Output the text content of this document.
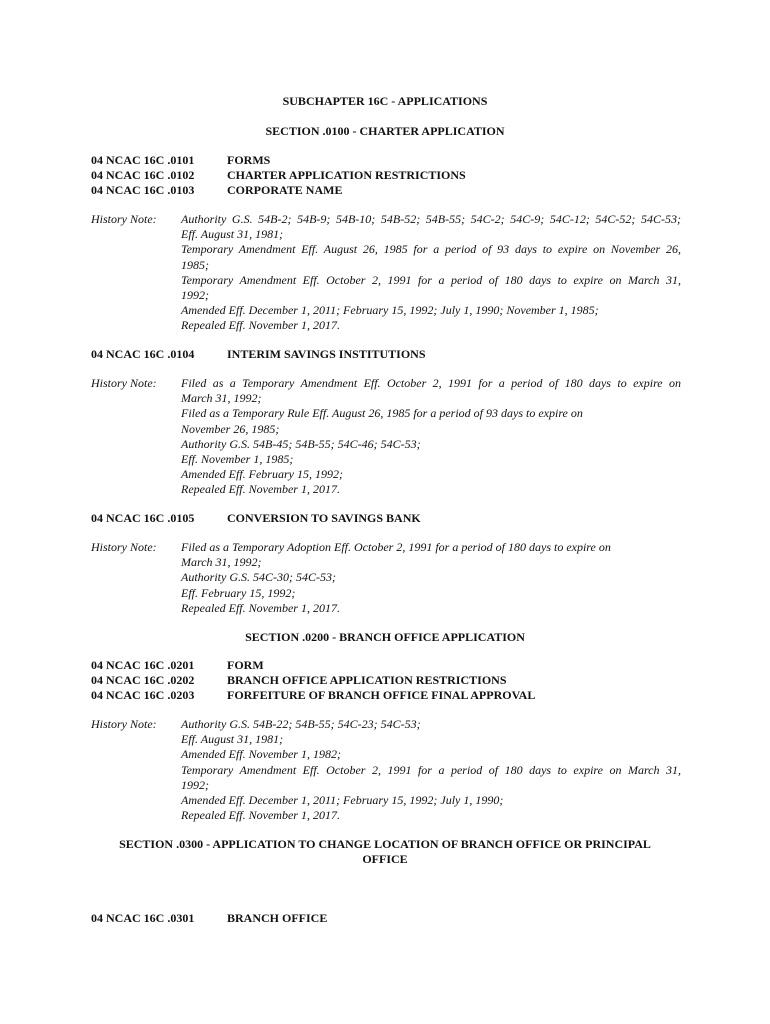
SUBCHAPTER 16C - APPLICATIONS
SECTION .0100 - CHARTER APPLICATION
04 NCAC 16C .0101	FORMS
04 NCAC 16C .0102	CHARTER APPLICATION RESTRICTIONS
04 NCAC 16C .0103	CORPORATE NAME
History Note:	Authority G.S. 54B-2; 54B-9; 54B-10; 54B-52; 54B-55; 54C-2; 54C-9; 54C-12; 54C-52; 54C-53;
Eff. August 31, 1981;
Temporary Amendment Eff. August 26, 1985 for a period of 93 days to expire on November 26,
1985;
Temporary Amendment Eff. October 2, 1991 for a period of 180 days to expire on March 31,
1992;
Amended Eff. December 1, 2011; February 15, 1992; July 1, 1990; November 1, 1985;
Repealed Eff. November 1, 2017.
04 NCAC 16C .0104	INTERIM SAVINGS INSTITUTIONS
History Note:	Filed as a Temporary Amendment Eff. October 2, 1991 for a period of 180 days to expire on
March 31, 1992;
Filed as a Temporary Rule Eff. August 26, 1985 for a period of 93 days to expire on
November 26, 1985;
Authority G.S. 54B-45; 54B-55; 54C-46; 54C-53;
Eff. November 1, 1985;
Amended Eff. February 15, 1992;
Repealed Eff. November 1, 2017.
04 NCAC 16C .0105	CONVERSION TO SAVINGS BANK
History Note:	Filed as a Temporary Adoption Eff. October 2, 1991 for a period of 180 days to expire on
March 31, 1992;
Authority G.S. 54C-30; 54C-53;
Eff. February 15, 1992;
Repealed Eff. November 1, 2017.
SECTION .0200 - BRANCH OFFICE APPLICATION
04 NCAC 16C .0201	FORM
04 NCAC 16C .0202	BRANCH OFFICE APPLICATION RESTRICTIONS
04 NCAC 16C .0203	FORFEITURE OF BRANCH OFFICE FINAL APPROVAL
History Note:	Authority G.S. 54B-22; 54B-55; 54C-23; 54C-53;
Eff. August 31, 1981;
Amended Eff. November 1, 1982;
Temporary Amendment Eff. October 2, 1991 for a period of 180 days to expire on March 31,
1992;
Amended Eff. December 1, 2011; February 15, 1992; July 1, 1990;
Repealed Eff. November 1, 2017.
SECTION .0300 - APPLICATION TO CHANGE LOCATION OF BRANCH OFFICE OR PRINCIPAL
OFFICE
04 NCAC 16C .0301	BRANCH OFFICE
